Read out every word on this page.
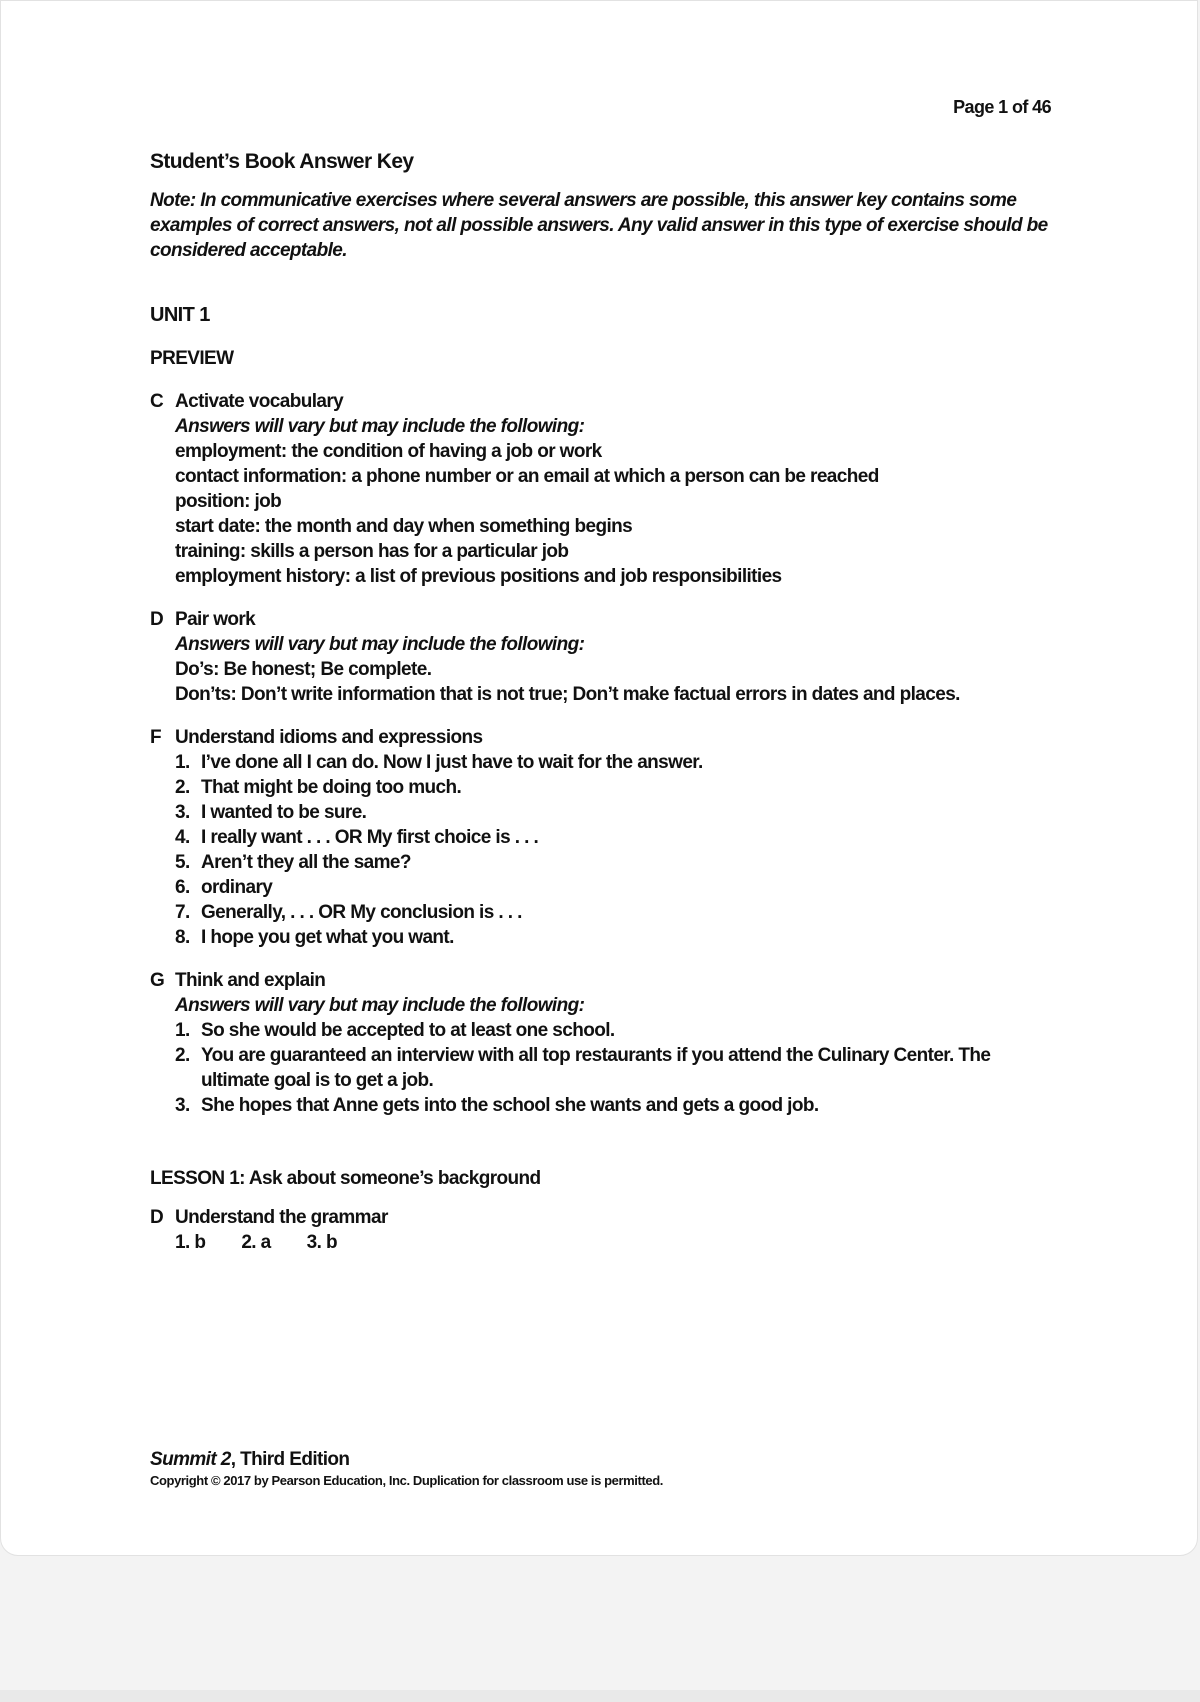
Page 1 of 46
Student’s Book Answer Key
Note: In communicative exercises where several answers are possible, this answer key contains some examples of correct answers, not all possible answers. Any valid answer in this type of exercise should be considered acceptable.
UNIT 1
PREVIEW
C Activate vocabulary
Answers will vary but may include the following:
employment: the condition of having a job or work
contact information: a phone number or an email at which a person can be reached
position: job
start date: the month and day when something begins
training: skills a person has for a particular job
employment history: a list of previous positions and job responsibilities
D Pair work
Answers will vary but may include the following:
Do’s: Be honest; Be complete.
Don’ts: Don’t write information that is not true; Don’t make factual errors in dates and places.
F Understand idioms and expressions
1. I’ve done all I can do. Now I just have to wait for the answer.
2. That might be doing too much.
3. I wanted to be sure.
4. I really want . . . OR My first choice is . . .
5. Aren’t they all the same?
6. ordinary
7. Generally, . . . OR My conclusion is . . .
8. I hope you get what you want.
G Think and explain
Answers will vary but may include the following:
1. So she would be accepted to at least one school.
2. You are guaranteed an interview with all top restaurants if you attend the Culinary Center. The ultimate goal is to get a job.
3. She hopes that Anne gets into the school she wants and gets a good job.
LESSON 1: Ask about someone’s background
D Understand the grammar
1. b 2. a 3. b
Summit 2, Third Edition
Copyright © 2017 by Pearson Education, Inc. Duplication for classroom use is permitted.
